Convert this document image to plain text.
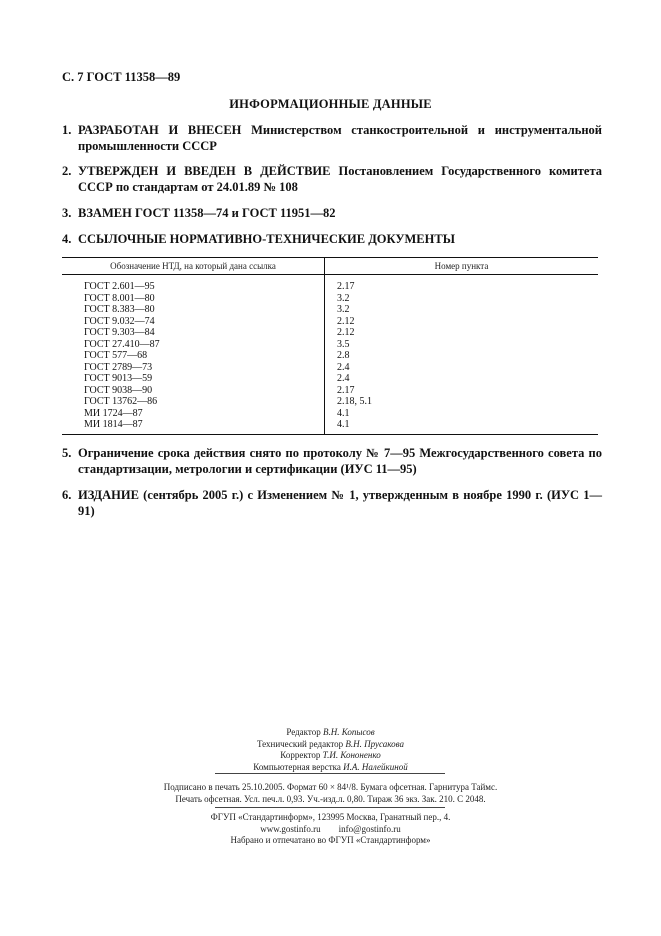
С. 7 ГОСТ 11358—89
ИНФОРМАЦИОННЫЕ ДАННЫЕ
1. РАЗРАБОТАН И ВНЕСЕН Министерством станкостроительной и инструментальной промышленности СССР
2. УТВЕРЖДЕН И ВВЕДЕН В ДЕЙСТВИЕ Постановлением Государственного комитета СССР по стандартам от 24.01.89 № 108
3. ВЗАМЕН ГОСТ 11358—74 и ГОСТ 11951—82
4. ССЫЛОЧНЫЕ НОРМАТИВНО-ТЕХНИЧЕСКИЕ ДОКУМЕНТЫ
Обозначение НТД, на который дана ссылка	Номер пункта
ГОСТ 2.601—95	2.17
ГОСТ 8.001—80	3.2
ГОСТ 8.383—80	3.2
ГОСТ 9.032—74	2.12
ГОСТ 9.303—84	2.12
ГОСТ 27.410—87	3.5
ГОСТ 577—68	2.8
ГОСТ 2789—73	2.4
ГОСТ 9013—59	2.4
ГОСТ 9038—90	2.17
ГОСТ 13762—86	2.18, 5.1
МИ 1724—87	4.1
МИ 1814—87	4.1
5. Ограничение срока действия снято по протоколу № 7—95 Межгосударственного совета по стандартизации, метрологии и сертификации (ИУС 11—95)
6. ИЗДАНИЕ (сентябрь 2005 г.) с Изменением № 1, утвержденным в ноябре 1990 г. (ИУС 1—91)
Редактор В.Н. Копысов
Технический редактор В.Н. Прусакова
Корректор Т.И. Кононенко
Компьютерная верстка И.А. Налейкиной
Подписано в печать 25.10.2005. Формат 60 × 84¹/8. Бумага офсетная. Гарнитура Таймс.
Печать офсетная. Усл. печ.л. 0,93. Уч.-изд.л. 0,80. Тираж 36 экз. Зак. 210. С 2048.
ФГУП «Стандартинформ», 123995 Москва, Гранатный пер., 4.
www.gostinfo.ru        info@gostinfo.ru
Набрано и отпечатано во ФГУП «Стандартинформ»
